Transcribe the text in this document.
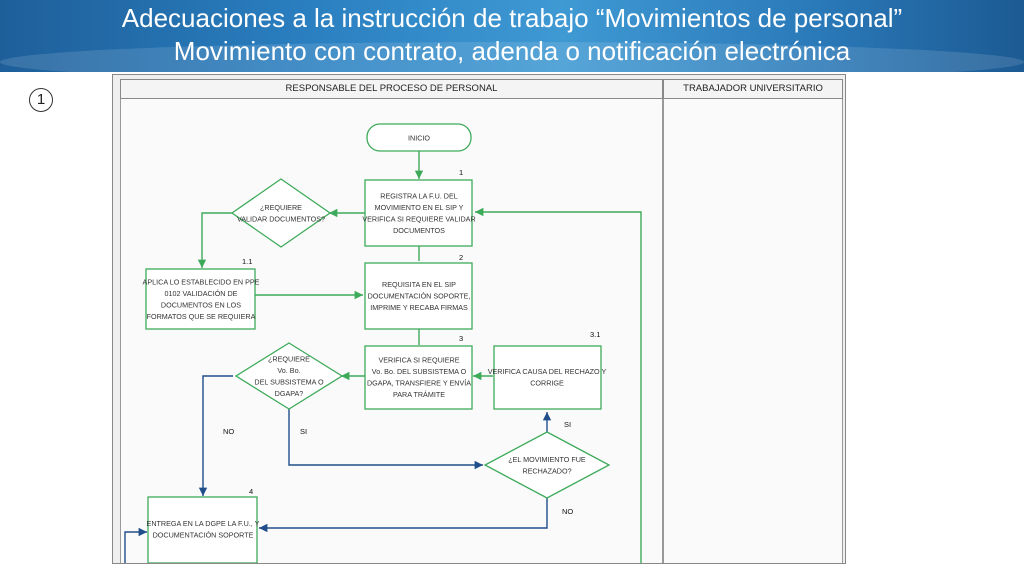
Adecuaciones a la instrucción de trabajo “Movimientos de personal”
Movimiento con contrato, adenda o notificación electrónica
1
RESPONSABLE DEL PROCESO DE PERSONAL	TRABAJADOR UNIVERSITARIO
INICIO
REGISTRA LA F.U. DEL MOVIMIENTO EN EL SIP Y VERIFICA SI REQUIERE VALIDAR DOCUMENTOS
¿REQUIERE VALIDAR DOCUMENTOS?
APLICA LO ESTABLECIDO EN PPE 0102 VALIDACIÓN DE DOCUMENTOS EN LOS FORMATOS QUE SE REQUIERA
REQUISITA EN EL SIP DOCUMENTACIÓN SOPORTE, IMPRIME Y RECABA FIRMAS
VERIFICA SI REQUIERE Vo. Bo. DEL SUBSISTEMA O DGAPA, TRANSFIERE Y ENVÍA PARA TRÁMITE
¿REQUIERE Vo. Bo. DEL SUBSISTEMA O DGAPA?
VERIFICA CAUSA DEL RECHAZO Y CORRIGE
¿EL MOVIMIENTO FUE RECHAZADO?
ENTREGA EN LA DGPE LA F.U., Y DOCUMENTACIÓN SOPORTE
1
1.1	2
3	3.1
4
NO	SI
SI
NO
